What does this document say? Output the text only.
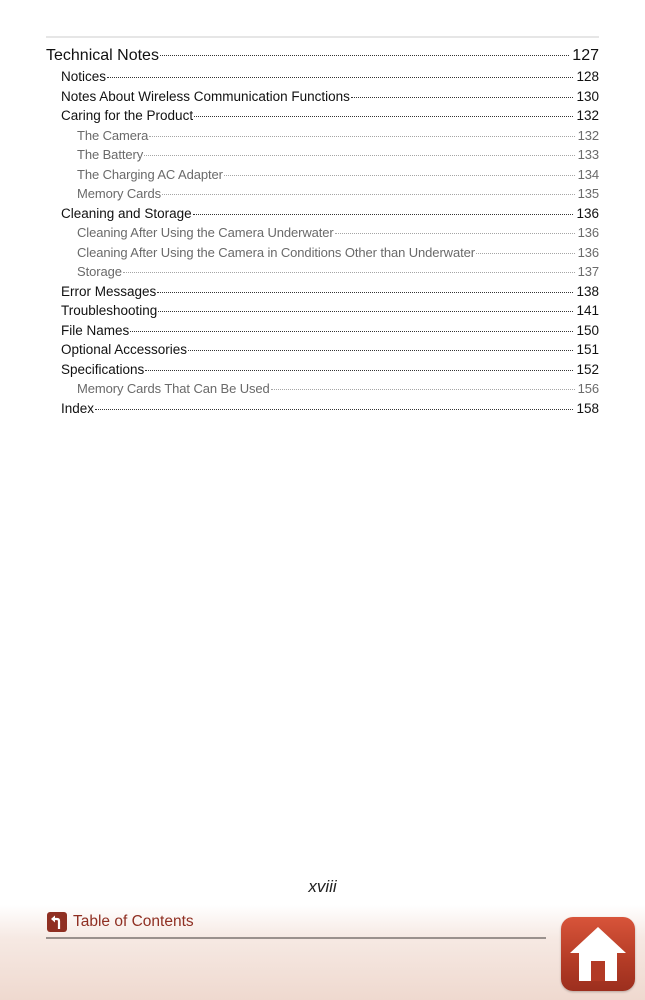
Technical Notes	127
Notices	128
Notes About Wireless Communication Functions	130
Caring for the Product	132
The Camera	132
The Battery	133
The Charging AC Adapter	134
Memory Cards	135
Cleaning and Storage	136
Cleaning After Using the Camera Underwater	136
Cleaning After Using the Camera in Conditions Other than Underwater	136
Storage	137
Error Messages	138
Troubleshooting	141
File Names	150
Optional Accessories	151
Specifications	152
Memory Cards That Can Be Used	156
Index	158
xviii
Table of Contents
